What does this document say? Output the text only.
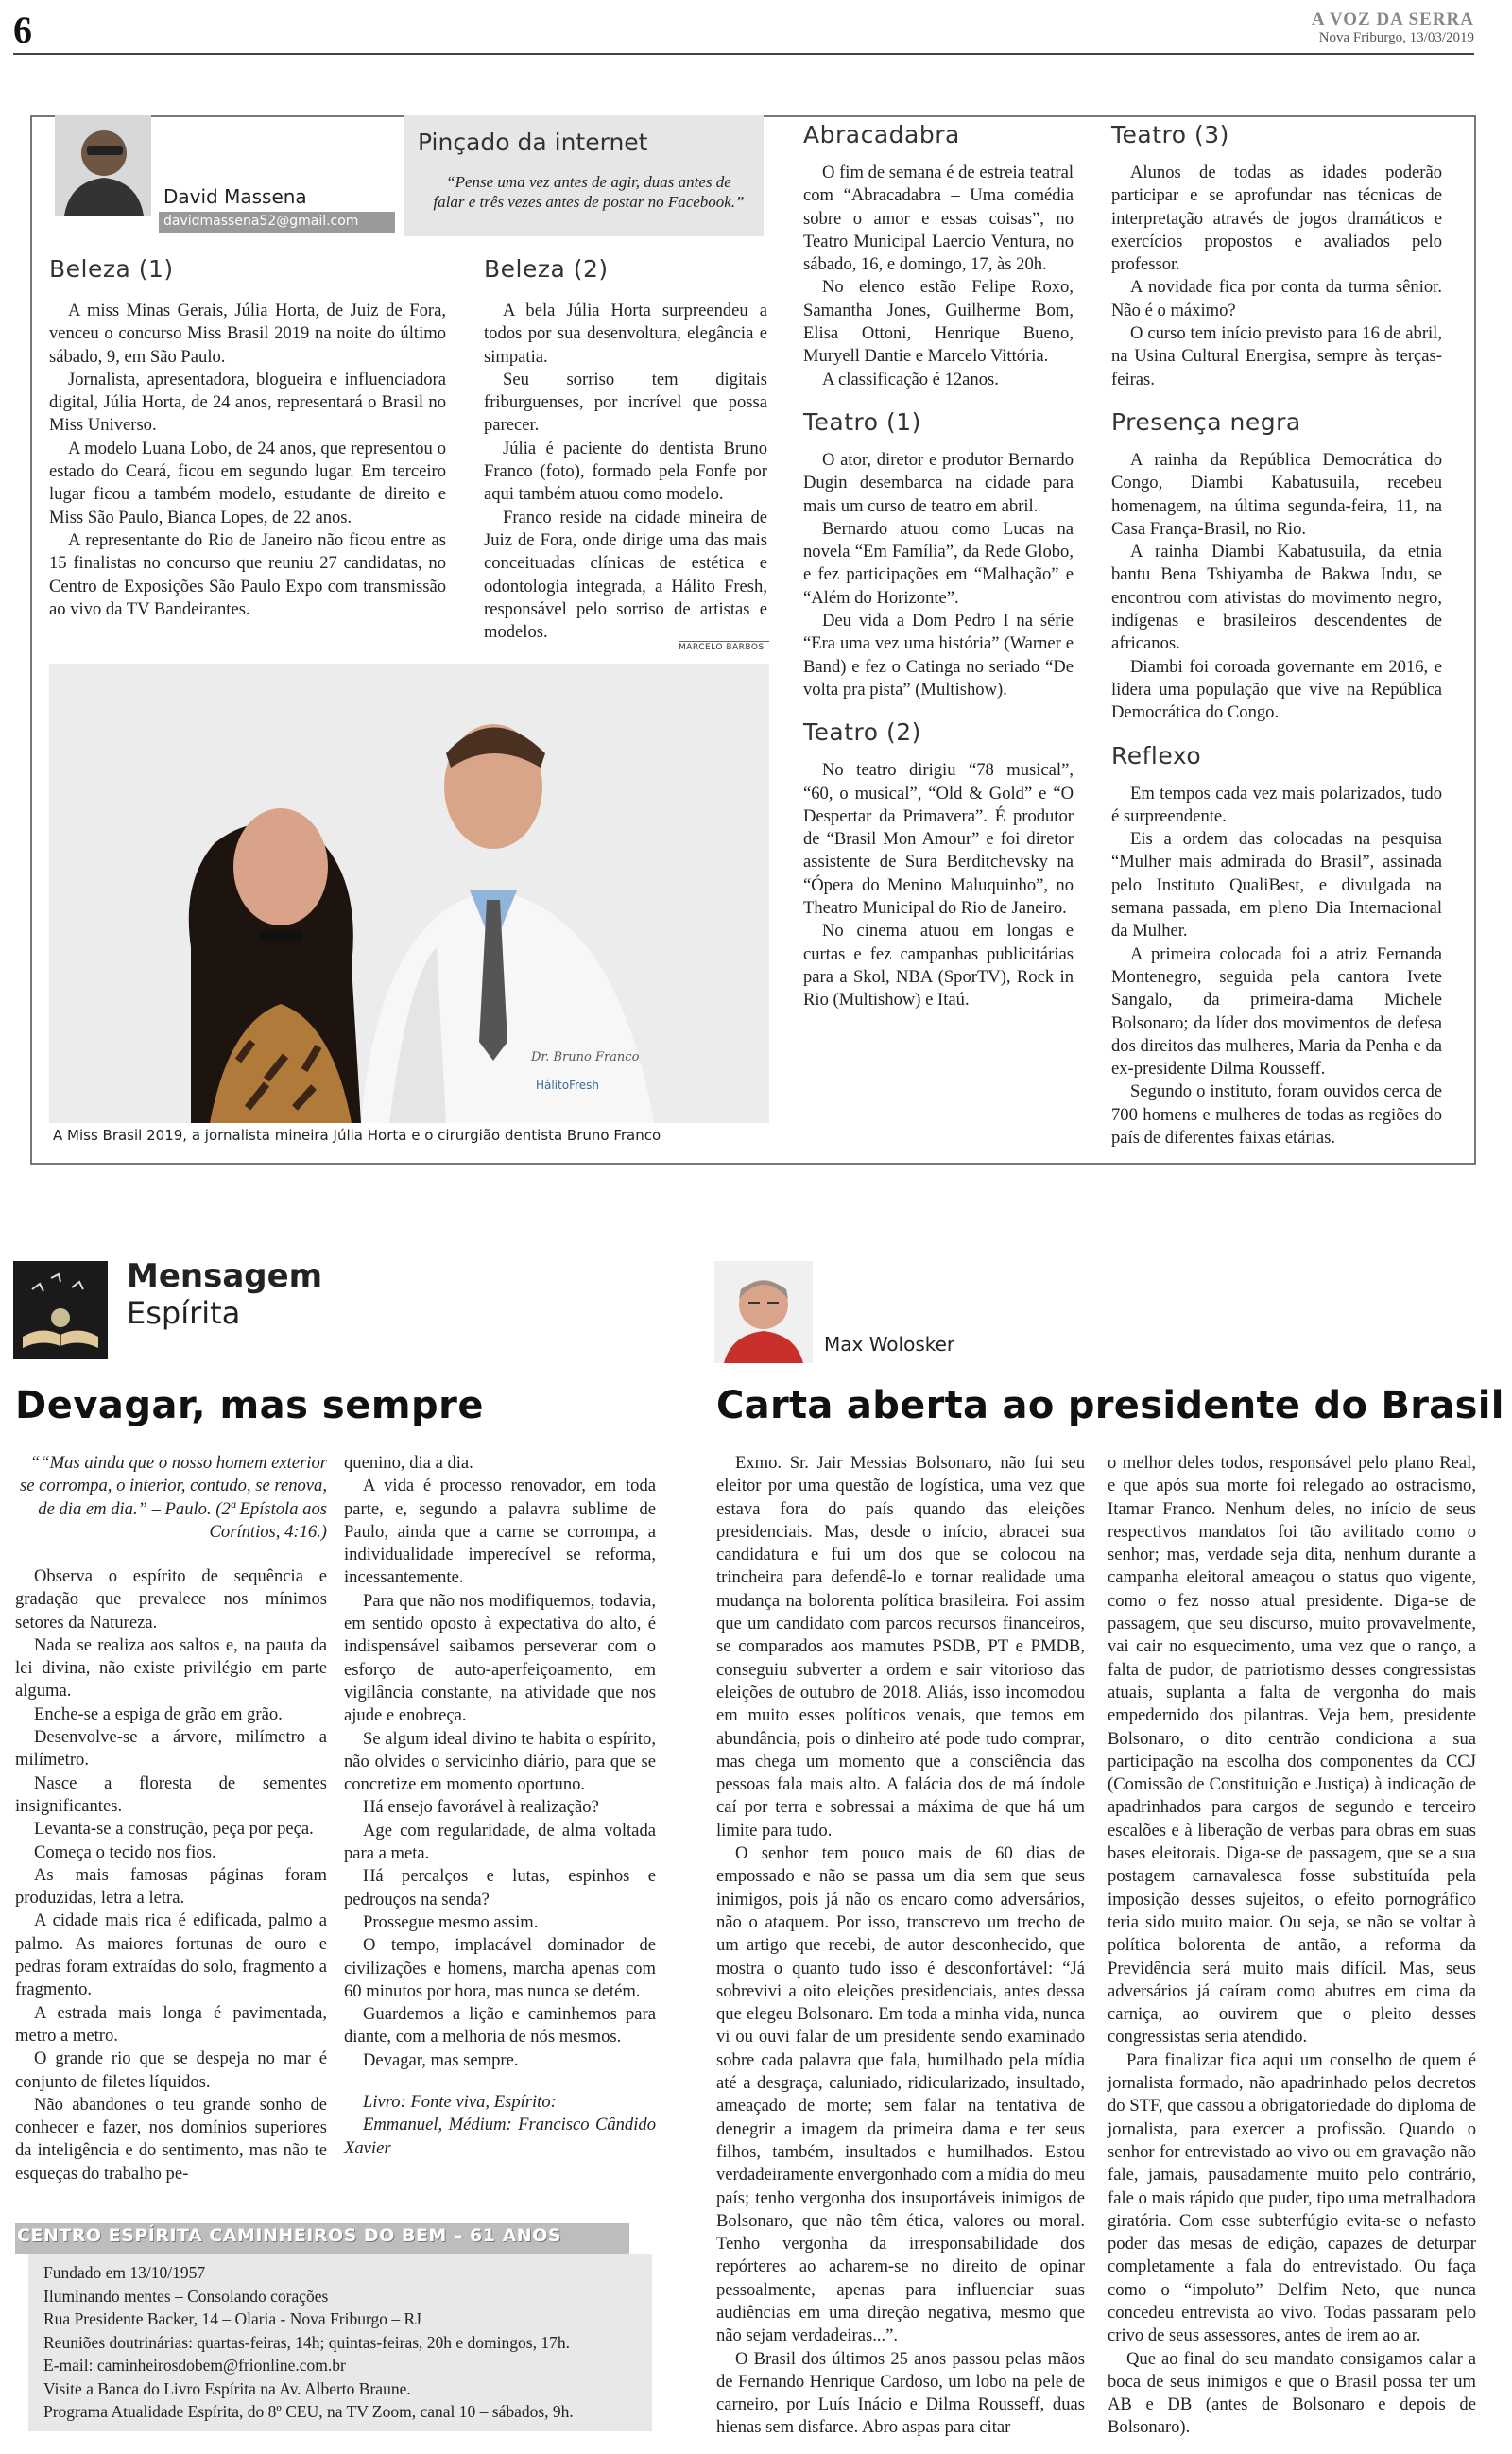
6	A VOZ DA SERRA
Nova Friburgo, 13/03/2019
David Massena
davidmassena52@gmail.com
Pinçado da internet
“Pense uma vez antes de agir, duas antes de falar e três vezes antes de postar no Facebook.”
Beleza (1)

A miss Minas Gerais, Júlia Horta, de Juiz de Fora, venceu o concurso Miss Brasil 2019 na noite do último sábado, 9, em São Paulo.

Jornalista, apresentadora, blogueira e influenciadora digital, Júlia Horta, de 24 anos, representará o Brasil no Miss Universo.

A modelo Luana Lobo, de 24 anos, que representou o estado do Ceará, ficou em segundo lugar. Em terceiro lugar ficou a também modelo, estudante de direito e Miss São Paulo, Bianca Lopes, de 22 anos.

A representante do Rio de Janeiro não ficou entre as 15 finalistas no concurso que reuniu 27 candidatas, no Centro de Exposições São Paulo Expo com transmissão ao vivo da TV Bandeirantes.

Beleza (2)

A bela Júlia Horta surpreendeu a todos por sua desenvoltura, elegância e simpatia.

Seu sorriso tem digitais friburguenses, por incrível que possa parecer.

Júlia é paciente do dentista Bruno Franco (foto), formado pela Fonfe por aqui também atuou como modelo.

Franco reside na cidade mineira de Juiz de Fora, onde dirige uma das mais conceituadas clínicas de estética e odontologia integrada, a Hálito Fresh, responsável pelo sorriso de artistas e modelos.

MARCELO BARBOS
Dr. Bruno Franco
HálitoFresh
A Miss Brasil 2019, a jornalista mineira Júlia Horta e o cirurgião dentista Bruno Franco
Abracadabra

O fim de semana é de estreia teatral com “Abracadabra – Uma comédia sobre o amor e essas coisas”, no Teatro Municipal Laercio Ventura, no sábado, 16, e domingo, 17, às 20h.

No elenco estão Felipe Roxo, Samantha Jones, Guilherme Bom, Elisa Ottoni, Henrique Bueno, Muryell Dantie e Marcelo Vittória.

A classificação é 12anos.

Teatro (1)

O ator, diretor e produtor Bernardo Dugin desembarca na cidade para mais um curso de teatro em abril.

Bernardo atuou como Lucas na novela “Em Família”, da Rede Globo, e fez participações em “Malhação” e “Além do Horizonte”.

Deu vida a Dom Pedro I na série “Era uma vez uma história” (Warner e Band) e fez o Catinga no seriado “De volta pra pista” (Multishow).

Teatro (2)

No teatro dirigiu “78 musical”, “60, o musical”, “Old & Gold” e “O Despertar da Primavera”. É produtor de “Brasil Mon Amour” e foi diretor assistente de Sura Berditchevsky na “Ópera do Menino Maluquinho”, no Theatro Municipal do Rio de Janeiro.

No cinema atuou em longas e curtas e fez campanhas publicitárias para a Skol, NBA (SporTV), Rock in Rio (Multishow) e Itaú.

Teatro (3)

Alunos de todas as idades poderão participar e se aprofundar nas técnicas de interpretação através de jogos dramáticos e exercícios propostos e avaliados pelo professor.

A novidade fica por conta da turma sênior. Não é o máximo?

O curso tem início previsto para 16 de abril, na Usina Cultural Energisa, sempre às terças-feiras.

Presença negra

A rainha da República Democrática do Congo, Diambi Kabatusuila, recebeu homenagem, na última segunda-feira, 11, na Casa França-Brasil, no Rio.

A rainha Diambi Kabatusuila, da etnia bantu Bena Tshiyamba de Bakwa Indu, se encontrou com ativistas do movimento negro, indígenas e brasileiros descendentes de africanos.

Diambi foi coroada governante em 2016, e lidera uma população que vive na República Democrática do Congo.

Reflexo

Em tempos cada vez mais polarizados, tudo é surpreendente.

Eis a ordem das colocadas na pesquisa “Mulher mais admirada do Brasil”, assinada pelo Instituto QualiBest, e divulgada na semana passada, em pleno Dia Internacional da Mulher.

A primeira colocada foi a atriz Fernanda Montenegro, seguida pela cantora Ivete Sangalo, da primeira-dama Michele Bolsonaro; da líder dos movimentos de defesa dos direitos das mulheres, Maria da Penha e da ex-presidente Dilma Rousseff.

Segundo o instituto, foram ouvidos cerca de 700 homens e mulheres de todas as regiões do país de diferentes faixas etárias.

Mensagem
Espírita
Devagar, mas sempre
““Mas ainda que o nosso homem exterior se corrompa, o interior, contudo, se renova, de dia em dia.” – Paulo. (2ª Epístola aos Coríntios, 4:16.)

Observa o espírito de sequência e gradação que prevalece nos mínimos setores da Natureza.

Nada se realiza aos saltos e, na pauta da lei divina, não existe privilégio em parte alguma.

Enche-se a espiga de grão em grão.

Desenvolve-se a árvore, milímetro a milímetro.

Nasce a floresta de sementes insignificantes.

Levanta-se a construção, peça por peça.

Começa o tecido nos fios.

As mais famosas páginas foram produzidas, letra a letra.

A cidade mais rica é edificada, palmo a palmo. As maiores fortunas de ouro e pedras foram extraídas do solo, fragmento a fragmento.

A estrada mais longa é pavimentada, metro a metro.

O grande rio que se despeja no mar é conjunto de filetes líquidos.

Não abandones o teu grande sonho de conhecer e fazer, nos domínios superiores da inteligência e do sentimento, mas não te esqueças do trabalho pe-

quenino, dia a dia.

A vida é processo renovador, em toda parte, e, segundo a palavra sublime de Paulo, ainda que a carne se corrompa, a individualidade imperecível se reforma, incessantemente.

Para que não nos modifiquemos, todavia, em sentido oposto à expectativa do alto, é indispensável saibamos perseverar com o esforço de auto-aperfeiçoamento, em vigilância constante, na atividade que nos ajude e enobreça.

Se algum ideal divino te habita o espírito, não olvides o servicinho diário, para que se concretize em momento oportuno.

Há ensejo favorável à realização?

Age com regularidade, de alma voltada para a meta.

Há percalços e lutas, espinhos e pedrouços na senda?

Prossegue mesmo assim.

O tempo, implacável dominador de civilizações e homens, marcha apenas com 60 minutos por hora, mas nunca se detém.

Guardemos a lição e caminhemos para diante, com a melhoria de nós mesmos.

Devagar, mas sempre.

Livro: Fonte viva, Espírito:

Emmanuel, Médium: Francisco Cândido Xavier

CENTRO ESPÍRITA CAMINHEIROS DO BEM – 61 ANOS
Fundado em 13/10/1957
Iluminando mentes – Consolando corações
Rua Presidente Backer, 14 – Olaria - Nova Friburgo – RJ
Reuniões doutrinárias: quartas-feiras, 14h; quintas-feiras, 20h e domingos, 17h.
E-mail: caminheirosdobem@frionline.com.br
Visite a Banca do Livro Espírita na Av. Alberto Braune.
Programa Atualidade Espírita, do 8º CEU, na TV Zoom, canal 10 – sábados, 9h.
Max Wolosker
Carta aberta ao presidente do Brasil

Exmo. Sr. Jair Messias Bolsonaro, não fui seu eleitor por uma questão de logística, uma vez que estava fora do país quando das eleições presidenciais. Mas, desde o início, abracei sua candidatura e fui um dos que se colocou na trincheira para defendê-lo e tornar realidade uma mudança na bolorenta política brasileira. Foi assim que um candidato com parcos recursos financeiros, se comparados aos mamutes PSDB, PT e PMDB, conseguiu subverter a ordem e sair vitorioso das eleições de outubro de 2018. Aliás, isso incomodou em muito esses políticos venais, que temos em abundância, pois o dinheiro até pode tudo comprar, mas chega um momento que a consciência das pessoas fala mais alto. A falácia dos de má índole caí por terra e sobressai a máxima de que há um limite para tudo.

O senhor tem pouco mais de 60 dias de empossado e não se passa um dia sem que seus inimigos, pois já não os encaro como adversários, não o ataquem. Por isso, transcrevo um trecho de um artigo que recebi, de autor desconhecido, que mostra o quanto tudo isso é desconfortável: “Já sobrevivi a oito eleições presidenciais, antes dessa que elegeu Bolsonaro. Em toda a minha vida, nunca vi ou ouvi falar de um presidente sendo examinado sobre cada palavra que fala, humilhado pela mídia até a desgraça, caluniado, ridicularizado, insultado, ameaçado de morte; sem falar na tentativa de denegrir a imagem da primeira dama e ter seus filhos, também, insultados e humilhados. Estou verdadeiramente envergonhado com a mídia do meu país; tenho vergonha dos insuportáveis inimigos de Bolsonaro, que não têm ética, valores ou moral. Tenho vergonha da irresponsabilidade dos repórteres ao acharem-se no direito de opinar pessoalmente, apenas para influenciar suas audiências em uma direção negativa, mesmo que não sejam verdadeiras...”.

O Brasil dos últimos 25 anos passou pelas mãos de Fernando Henrique Cardoso, um lobo na pele de carneiro, por Luís Inácio e Dilma Rousseff, duas hienas sem disfarce. Abro aspas para citar

o melhor deles todos, responsável pelo plano Real, e que após sua morte foi relegado ao ostracismo, Itamar Franco. Nenhum deles, no início de seus respectivos mandatos foi tão avilitado como o senhor; mas, verdade seja dita, nenhum durante a campanha eleitoral ameaçou o status quo vigente, como o fez nosso atual presidente. Diga-se de passagem, que seu discurso, muito provavelmente, vai cair no esquecimento, uma vez que o ranço, a falta de pudor, de patriotismo desses congressistas atuais, suplanta a falta de vergonha do mais empedernido dos pilantras. Veja bem, presidente Bolsonaro, o dito centrão condiciona a sua participação na escolha dos componentes da CCJ (Comissão de Constituição e Justiça) à indicação de apadrinhados para cargos de segundo e terceiro escalões e à liberação de verbas para obras em suas bases eleitorais. Diga-se de passagem, que se a sua postagem carnavalesca fosse substituída pela imposição desses sujeitos, o efeito pornográfico teria sido muito maior. Ou seja, se não se voltar à política bolorenta de antão, a reforma da Previdência será muito mais difícil. Mas, seus adversários já caíram como abutres em cima da carniça, ao ouvirem que o pleito desses congressistas seria atendido.

Para finalizar fica aqui um conselho de quem é jornalista formado, não apadrinhado pelos decretos do STF, que cassou a obrigatoriedade do diploma de jornalista, para exercer a profissão. Quando o senhor for entrevistado ao vivo ou em gravação não fale, jamais, pausadamente muito pelo contrário, fale o mais rápido que puder, tipo uma metralhadora giratória. Com esse subterfúgio evita-se o nefasto poder das mesas de edição, capazes de deturpar completamente a fala do entrevistado. Ou faça como o “impoluto” Delfim Neto, que nunca concedeu entrevista ao vivo. Todas passaram pelo crivo de seus assessores, antes de irem ao ar.

Que ao final do seu mandato consigamos calar a boca de seus inimigos e que o Brasil possa ter um AB e DB (antes de Bolsonaro e depois de Bolsonaro).
